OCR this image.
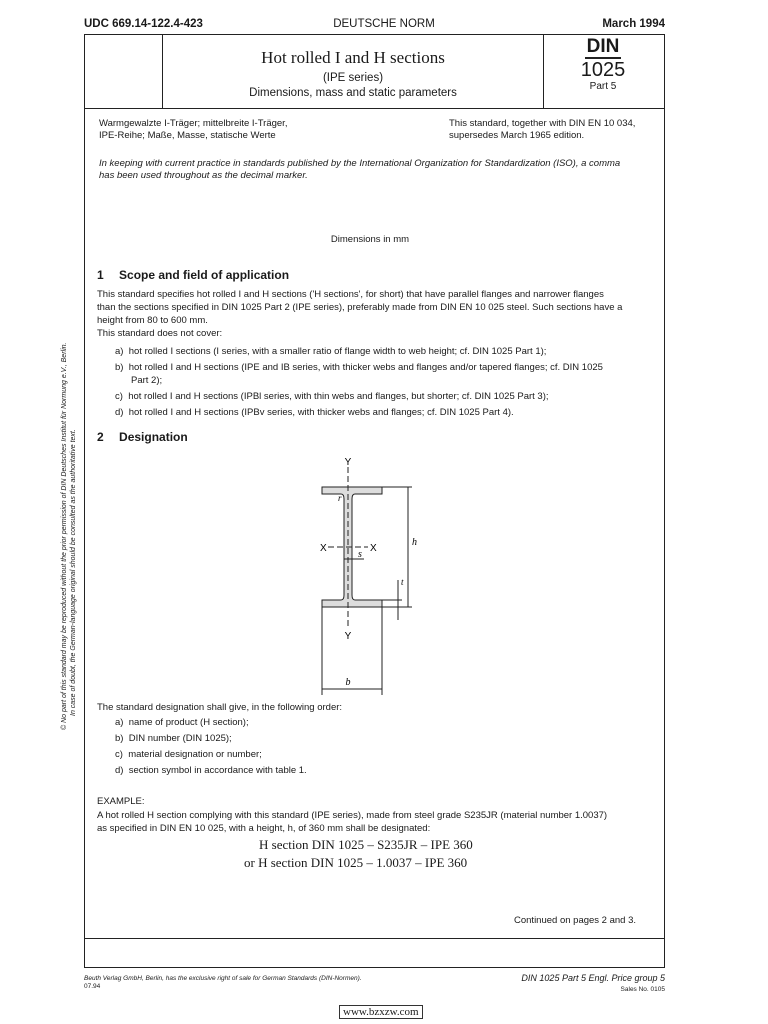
UDC 669.14-122.4-423	DEUTSCHE NORM	March 1994
Hot rolled I and H sections
(IPE series)
Dimensions, mass and static parameters
DIN
1025
Part 5
Warmgewalzte I-Träger; mittelbreite I-Träger,
IPE-Reihe; Maße, Masse, statische Werte
This standard, together with DIN EN 10 034,
supersedes March 1965 edition.
In keeping with current practice in standards published by the International Organization for Standardization (ISO), a comma
has been used throughout as the decimal marker.
Dimensions in mm
© No part of this standard may be reproduced without the prior permission of DIN Deutsches Institut für Normung e.V., Berlin. In case of doubt, the German-language original should be consulted as the authoritative text.
1 Scope and field of application
This standard specifies hot rolled I and H sections ('H sections', for short) that have parallel flanges and narrower flanges
than the sections specified in DIN 1025 Part 2 (IPE series), preferably made from DIN EN 10 025 steel. Such sections have a
height from 80 to 600 mm.
This standard does not cover:
a) hot rolled I sections (I series, with a smaller ratio of flange width to web height; cf. DIN 1025 Part 1);
b) hot rolled I and H sections (IPE and IB series, with thicker webs and flanges and/or tapered flanges; cf. DIN 1025
Part 2);
c) hot rolled I and H sections (IPBl series, with thin webs and flanges, but shorter; cf. DIN 1025 Part 3);
d) hot rolled I and H sections (IPBv series, with thicker webs and flanges; cf. DIN 1025 Part 4).
2 Designation
Y
Y
X	X
r
s
h
t
b
The standard designation shall give, in the following order:
a) name of product (H section);
b) DIN number (DIN 1025);
c) material designation or number;
d) section symbol in accordance with table 1.
EXAMPLE:
A hot rolled H section complying with this standard (IPE series), made from steel grade S235JR (material number 1.0037)
as specified in DIN EN 10 025, with a height, h, of 360 mm shall be designated:
H section DIN 1025 – S235JR – IPE 360
or H section DIN 1025 – 1.0037 – IPE 360
Continued on pages 2 and 3.
Beuth Verlag GmbH, Berlin, has the exclusive right of sale for German Standards (DIN-Normen).
07.94
DIN 1025 Part 5 Engl. Price group 5
Sales No. 0105
www.bzxzw.com
